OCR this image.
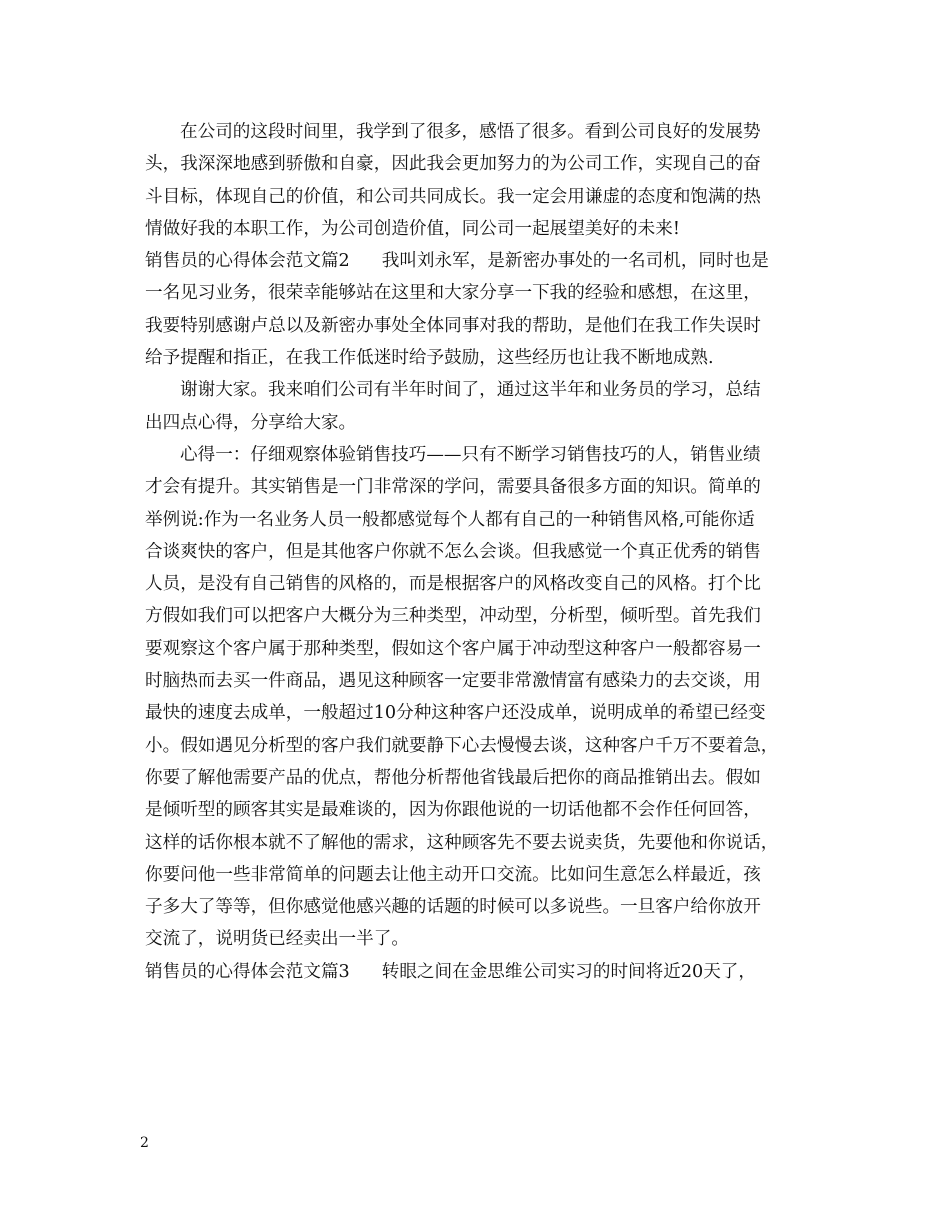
在公司的这段时间里，我学到了很多，感悟了很多。看到公司良好的发展势
头，我深深地感到骄傲和自豪，因此我会更加努力的为公司工作，实现自己的奋
斗目标，体现自己的价值，和公司共同成长。我一定会用谦虚的态度和饱满的热
情做好我的本职工作，为公司创造价值，同公司一起展望美好的未来!
销售员的心得体会范文篇2 我叫刘永军，是新密办事处的一名司机，同时也是
一名见习业务，很荣幸能够站在这里和大家分享一下我的经验和感想，在这里，
我要特别感谢卢总以及新密办事处全体同事对我的帮助，是他们在我工作失误时
给予提醒和指正，在我工作低迷时给予鼓励，这些经历也让我不断地成熟.
谢谢大家。我来咱们公司有半年时间了，通过这半年和业务员的学习，总结
出四点心得，分享给大家。
心得一：仔细观察体验销售技巧——只有不断学习销售技巧的人，销售业绩
才会有提升。其实销售是一门非常深的学问，需要具备很多方面的知识。简单的
举例说:作为一名业务人员一般都感觉每个人都有自己的一种销售风格,可能你适
合谈爽快的客户，但是其他客户你就不怎么会谈。但我感觉一个真正优秀的销售
人员，是没有自己销售的风格的，而是根据客户的风格改变自己的风格。打个比
方假如我们可以把客户大概分为三种类型，冲动型，分析型，倾听型。首先我们
要观察这个客户属于那种类型，假如这个客户属于冲动型这种客户一般都容易一
时脑热而去买一件商品，遇见这种顾客一定要非常激情富有感染力的去交谈，用
最快的速度去成单，一般超过10分种这种客户还没成单，说明成单的希望已经变
小。假如遇见分析型的客户我们就要静下心去慢慢去谈，这种客户千万不要着急，
你要了解他需要产品的优点，帮他分析帮他省钱最后把你的商品推销出去。假如
是倾听型的顾客其实是最难谈的，因为你跟他说的一切话他都不会作任何回答，
这样的话你根本就不了解他的需求，这种顾客先不要去说卖货，先要他和你说话，
你要问他一些非常简单的问题去让他主动开口交流。比如问生意怎么样最近，孩
子多大了等等，但你感觉他感兴趣的话题的时候可以多说些。一旦客户给你放开
交流了，说明货已经卖出一半了。
销售员的心得体会范文篇3 转眼之间在金思维公司实习的时间将近20天了，
2
